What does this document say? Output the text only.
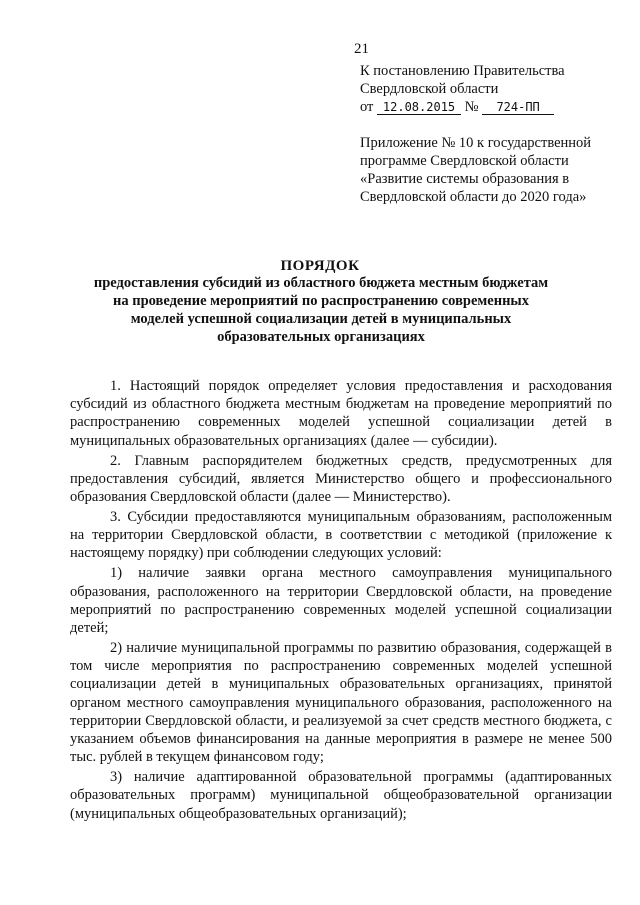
21
К постановлению Правительства
Свердловской области
от 12.08.2015 № 724-ПП
Приложение № 10 к государственной программе Свердловской области «Развитие системы образования в Свердловской области до 2020 года»
ПОРЯДОК
предоставления субсидий из областного бюджета местным бюджетам на проведение мероприятий по распространению современных моделей успешной социализации детей в муниципальных образовательных организациях

1. Настоящий порядок определяет условия предоставления и расходования субсидий из областного бюджета местным бюджетам на проведение мероприятий по распространению современных моделей успешной социализации детей в муниципальных образовательных организациях (далее — субсидии).

2. Главным распорядителем бюджетных средств, предусмотренных для предоставления субсидий, является Министерство общего и профессионального образования Свердловской области (далее — Министерство).

3. Субсидии предоставляются муниципальным образованиям, расположенным на территории Свердловской области, в соответствии с методикой (приложение к настоящему порядку) при соблюдении следующих условий:

1) наличие заявки органа местного самоуправления муниципального образования, расположенного на территории Свердловской области, на проведение мероприятий по распространению современных моделей успешной социализации детей;

2) наличие муниципальной программы по развитию образования, содержащей в том числе мероприятия по распространению современных моделей успешной социализации детей в муниципальных образовательных организациях, принятой органом местного самоуправления муниципального образования, расположенного на территории Свердловской области, и реализуемой за счет средств местного бюджета, с указанием объемов финансирования на данные мероприятия в размере не менее 500 тыс. рублей в текущем финансовом году;

3) наличие адаптированной образовательной программы (адаптированных образовательных программ) муниципальной общеобразовательной организации (муниципальных общеобразовательных организаций);
